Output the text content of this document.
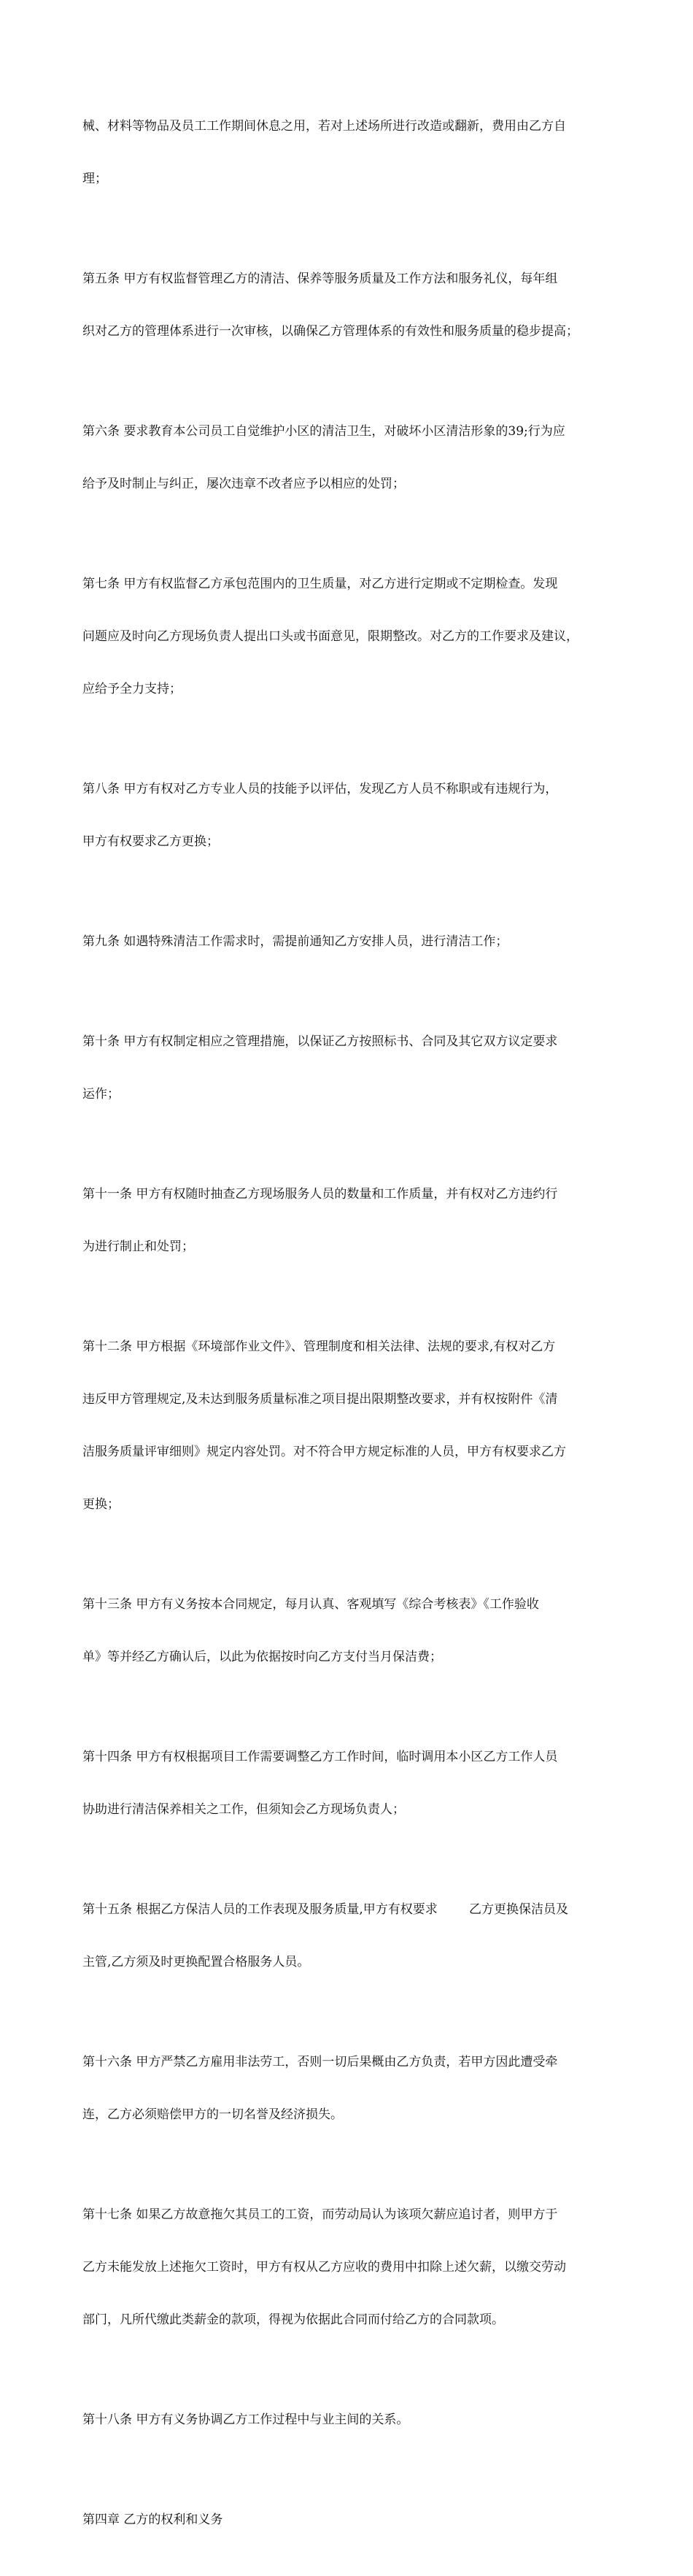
械、材料等物品及员工工作期间休息之用，若对上述场所进行改造或翻新，费用由乙方自

理；

第五条 甲方有权监督管理乙方的清洁、保养等服务质量及工作方法和服务礼仪，每年组

织对乙方的管理体系进行一次审核，以确保乙方管理体系的有效性和服务质量的稳步提高；

第六条 要求教育本公司员工自觉维护小区的清洁卫生，对破坏小区清洁形象的39;行为应

给予及时制止与纠正，屡次违章不改者应予以相应的处罚；

第七条 甲方有权监督乙方承包范围内的卫生质量，对乙方进行定期或不定期检查。发现

问题应及时向乙方现场负责人提出口头或书面意见，限期整改。对乙方的工作要求及建议，

应给予全力支持；

第八条 甲方有权对乙方专业人员的技能予以评估，发现乙方人员不称职或有违规行为，

甲方有权要求乙方更换；

第九条 如遇特殊清洁工作需求时，需提前通知乙方安排人员，进行清洁工作；

第十条 甲方有权制定相应之管理措施，以保证乙方按照标书、合同及其它双方议定要求

运作；

第十一条 甲方有权随时抽查乙方现场服务人员的数量和工作质量，并有权对乙方违约行

为进行制止和处罚；

第十二条 甲方根据《环境部作业文件》、管理制度和相关法律、法规的要求,有权对乙方

违反甲方管理规定,及未达到服务质量标准之项目提出限期整改要求，并有权按附件《清

洁服务质量评审细则》规定内容处罚。对不符合甲方规定标准的人员，甲方有权要求乙方

更换；

第十三条 甲方有义务按本合同规定，每月认真、客观填写《综合考核表》《工作验收

单》等并经乙方确认后，以此为依据按时向乙方支付当月保洁费；

第十四条 甲方有权根据项目工作需要调整乙方工作时间，临时调用本小区乙方工作人员

协助进行清洁保养相关之工作，但须知会乙方现场负责人；

第十五条 根据乙方保洁人员的工作表现及服务质量,甲方有权要求        乙方更换保洁员及

主管,乙方须及时更换配置合格服务人员。

第十六条 甲方严禁乙方雇用非法劳工，否则一切后果概由乙方负责，若甲方因此遭受牵

连，乙方必须赔偿甲方的一切名誉及经济损失。

第十七条 如果乙方故意拖欠其员工的工资，而劳动局认为该项欠薪应追讨者，则甲方于

乙方未能发放上述拖欠工资时，甲方有权从乙方应收的费用中扣除上述欠薪，以缴交劳动

部门，凡所代缴此类薪金的款项，得视为依据此合同而付给乙方的合同款项。

第十八条 甲方有义务协调乙方工作过程中与业主间的关系。

第四章 乙方的权利和义务
